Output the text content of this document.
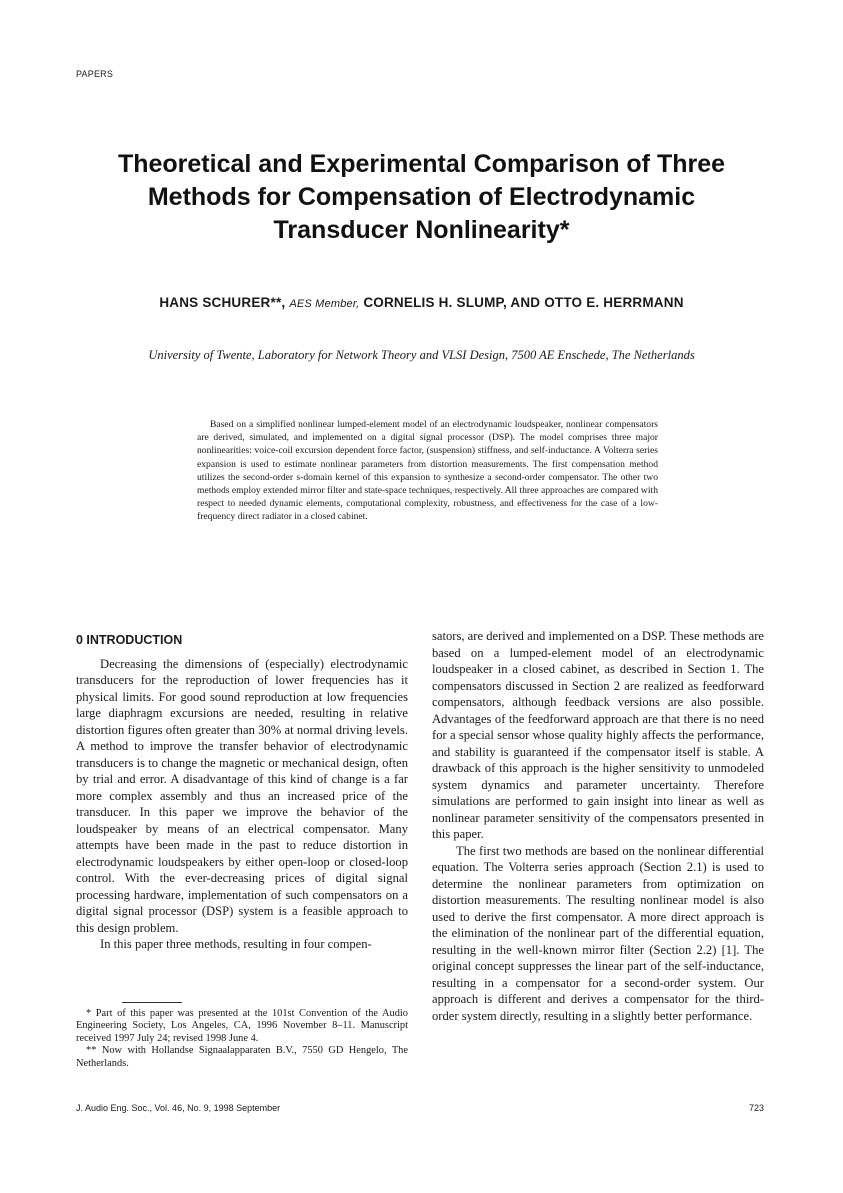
PAPERS
Theoretical and Experimental Comparison of Three
Methods for Compensation of Electrodynamic
Transducer Nonlinearity*
HANS SCHURER**, AES Member, CORNELIS H. SLUMP, AND OTTO E. HERRMANN
University of Twente, Laboratory for Network Theory and VLSI Design, 7500 AE Enschede, The Netherlands
Based on a simplified nonlinear lumped-element model of an electrodynamic loudspeaker, nonlinear compensators are derived, simulated, and implemented on a digital signal processor (DSP). The model comprises three major nonlinearities: voice-coil excursion dependent force factor, (suspension) stiffness, and self-inductance. A Volterra series expansion is used to estimate nonlinear parameters from distortion measurements. The first compensation method utilizes the second-order s-domain kernel of this expansion to synthesize a second-order compensator. The other two methods employ extended mirror filter and state-space techniques, respectively. All three approaches are compared with respect to needed dynamic elements, computational complexity, robustness, and effectiveness for the case of a low-frequency direct radiator in a closed cabinet.
0 INTRODUCTION

Decreasing the dimensions of (especially) electrodynamic transducers for the reproduction of lower frequencies has it physical limits. For good sound reproduction at low frequencies large diaphragm excursions are needed, resulting in relative distortion figures often greater than 30% at normal driving levels. A method to improve the transfer behavior of electrodynamic transducers is to change the magnetic or mechanical design, often by trial and error. A disadvantage of this kind of change is a far more complex assembly and thus an increased price of the transducer. In this paper we improve the behavior of the loudspeaker by means of an electrical compensator. Many attempts have been made in the past to reduce distortion in electrodynamic loudspeakers by either open-loop or closed-loop control. With the ever-decreasing prices of digital signal processing hardware, implementation of such compensators on a digital signal processor (DSP) system is a feasible approach to this design problem.

In this paper three methods, resulting in four compen-

* Part of this paper was presented at the 101st Convention of the Audio Engineering Society, Los Angeles, CA, 1996 November 8–11. Manuscript received 1997 July 24; revised 1998 June 4.

** Now with Hollandse Signaalapparaten B.V., 7550 GD Hengelo, The Netherlands.

sators, are derived and implemented on a DSP. These methods are based on a lumped-element model of an electrodynamic loudspeaker in a closed cabinet, as described in Section 1. The compensators discussed in Section 2 are realized as feedforward compensators, although feedback versions are also possible. Advantages of the feedforward approach are that there is no need for a special sensor whose quality highly affects the performance, and stability is guaranteed if the compensator itself is stable. A drawback of this approach is the higher sensitivity to unmodeled system dynamics and parameter uncertainty. Therefore simulations are performed to gain insight into linear as well as nonlinear parameter sensitivity of the compensators presented in this paper.

The first two methods are based on the nonlinear differential equation. The Volterra series approach (Section 2.1) is used to determine the nonlinear parameters from optimization on distortion measurements. The resulting nonlinear model is also used to derive the first compensator. A more direct approach is the elimination of the nonlinear part of the differential equation, resulting in the well-known mirror filter (Section 2.2) [1]. The original concept suppresses the linear part of the self-inductance, resulting in a compensator for a second-order system. Our approach is different and derives a compensator for the third-order system directly, resulting in a slightly better performance.

J. Audio Eng. Soc., Vol. 46, No. 9, 1998 September	723
